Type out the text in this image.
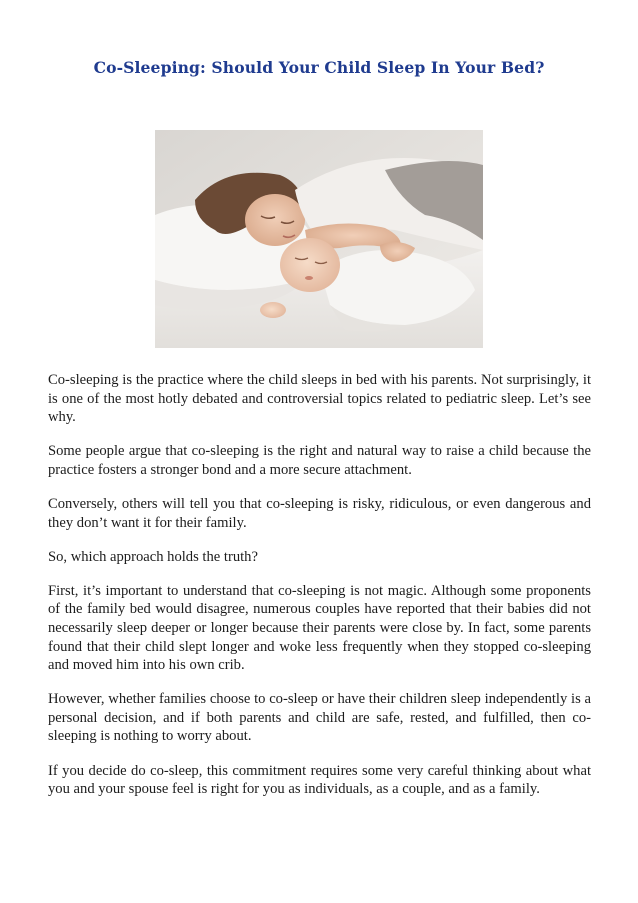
Co-Sleeping: Should Your Child Sleep In Your Bed?

Co-sleeping is the practice where the child sleeps in bed with his parents. Not surprisingly, it is one of the most hotly debated and controversial topics related to pediatric sleep. Let’s see why.

Some people argue that co-sleeping is the right and natural way to raise a child because the practice fosters a stronger bond and a more secure attachment.

Conversely, others will tell you that co-sleeping is risky, ridiculous, or even dangerous and they don’t want it for their family.

So, which approach holds the truth?

First, it’s important to understand that co-sleeping is not magic. Although some proponents of the family bed would disagree, numerous couples have reported that their babies did not necessarily sleep deeper or longer because their parents were close by. In fact, some parents found that their child slept longer and woke less frequently when they stopped co-sleeping and moved him into his own crib.

However, whether families choose to co-sleep or have their children sleep independently is a personal decision, and if both parents and child are safe, rested, and fulfilled, then co-sleeping is nothing to worry about.

If you decide do co-sleep, this commitment requires some very careful thinking about what you and your spouse feel is right for you as individuals, as a couple, and as a family.
